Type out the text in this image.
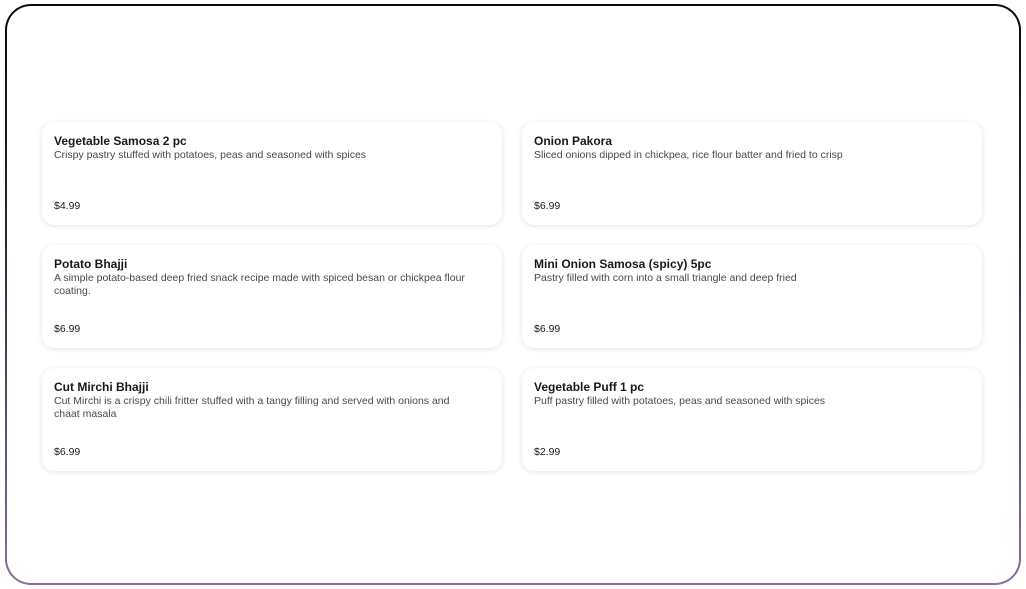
Vegetable Samosa 2 pc
Crispy pastry stuffed with potatoes, peas and seasoned with spices
$4.99
Onion Pakora
Sliced onions dipped in chickpea, rice flour batter and fried to crisp
$6.99
Potato Bhajji
A simple potato-based deep fried snack recipe made with spiced besan or chickpea flour coating.
$6.99
Mini Onion Samosa (spicy) 5pc
Pastry filled with corn into a small triangle and deep fried
$6.99
Cut Mirchi Bhajji
Cut Mirchi is a crispy chili fritter stuffed with a tangy filling and served with onions and chaat masala
$6.99
Vegetable Puff 1 pc
Puff pastry filled with potatoes, peas and seasoned with spices
$2.99
